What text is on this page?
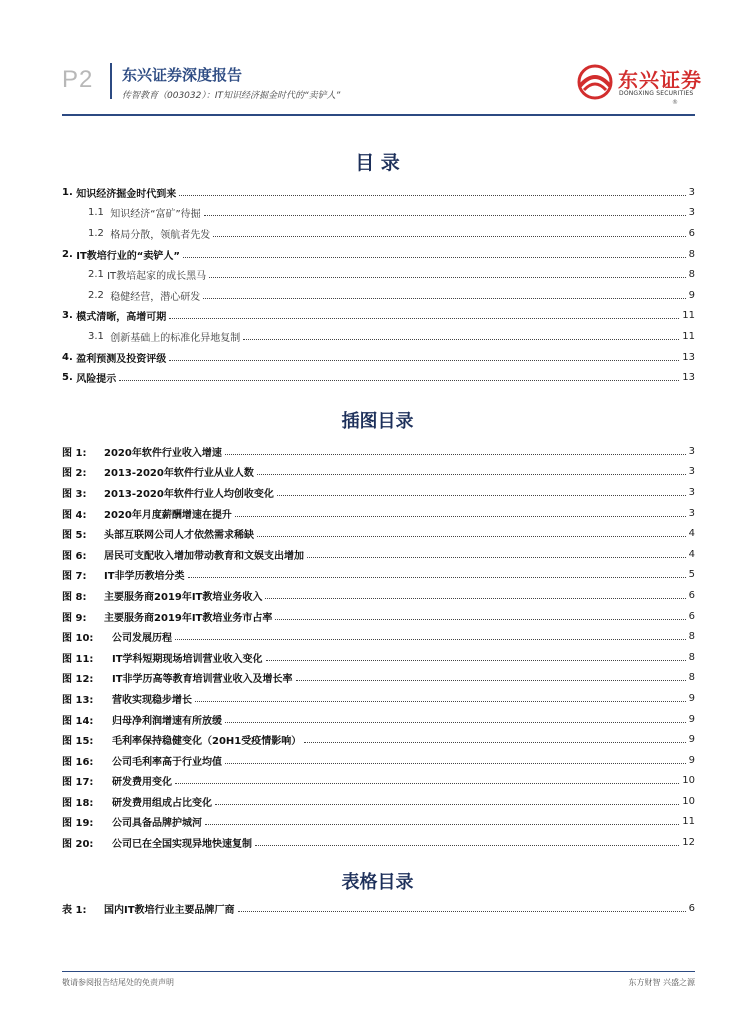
P2 东兴证券深度报告
传智教育（003032）：IT知识经济掘金时代的“卖铲人”
东兴证券
DONGXING SECURITIES
®
目 录
1. 知识经济掘金时代到来	3
1.1 知识经济“富矿”待掘	3
1.2 格局分散，领航者先发	6
2. IT教培行业的“卖铲人”	8
2.1 IT教培起家的成长黑马	8
2.2 稳健经营，潜心研发	9
3. 模式清晰，高增可期	11
3.1 创新基础上的标准化异地复制	11
4. 盈利预测及投资评级	13
5. 风险提示	13
插图目录
图 1:	2020年软件行业收入增速	3
图 2:	2013-2020年软件行业从业人数	3
图 3:	2013-2020年软件行业人均创收变化	3
图 4:	2020年月度薪酬增速在提升	3
图 5:	头部互联网公司人才依然需求稀缺	4
图 6:	居民可支配收入增加带动教育和文娱支出增加	4
图 7:	IT非学历教培分类	5
图 8:	主要服务商2019年IT教培业务收入	6
图 9:	主要服务商2019年IT教培业务市占率	6
图 10:	公司发展历程	8
图 11:	IT学科短期现场培训营业收入变化	8
图 12:	IT非学历高等教育培训营业收入及增长率	8
图 13:	营收实现稳步增长	9
图 14:	归母净利润增速有所放缓	9
图 15:	毛利率保持稳健变化（20H1受疫情影响）	9
图 16:	公司毛利率高于行业均值	9
图 17:	研发费用变化	10
图 18:	研发费用组成占比变化	10
图 19:	公司具备品牌护城河	11
图 20:	公司已在全国实现异地快速复制	12
表格目录
表 1:	国内IT教培行业主要品牌厂商	6
敬请参阅报告结尾处的免责声明	东方财智 兴盛之源
